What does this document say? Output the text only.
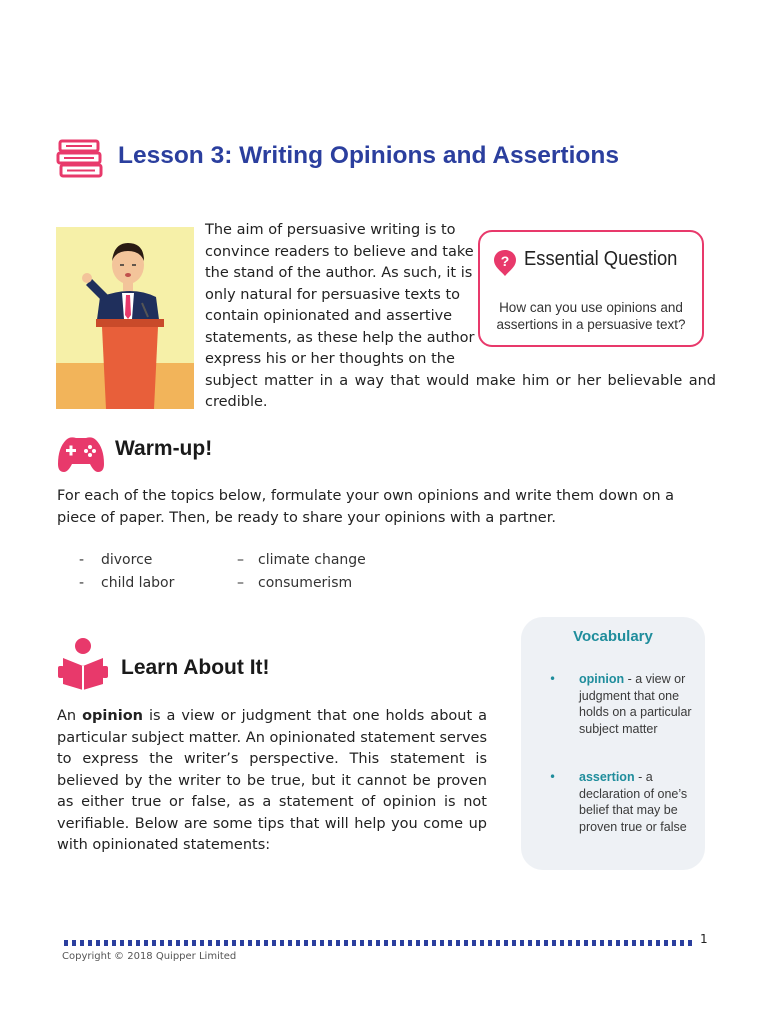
Lesson 3: Writing Opinions and Assertions
The aim of persuasive writing is to
convince readers to believe and take
the stand of the author. As such, it is
only natural for persuasive texts to
contain opinionated and assertive
statements, as these help the author
express his or her thoughts on the
subject matter in a way that would make him or her believable and
credible.
? Essential Question
How can you use opinions and assertions in a persuasive text?
Warm-up!
For each of the topics below, formulate your own opinions and write them down on a piece of paper. Then, be ready to share your opinions with a partner.
- divorce
- child labor
– climate change
– consumerism
Learn About It!
An opinion is a view or judgment that one holds about a particular subject matter. An opinionated statement serves to express the writer’s perspective. This statement is believed by the writer to be true, but it cannot be proven as either true or false, as a statement of opinion is not verifiable. Below are some tips that will help you come up with opinionated statements:
Vocabulary
• opinion - a view or judgment that one holds on a particular subject matter
• assertion - a declaration of one’s belief that may be proven true or false
1
Copyright © 2018 Quipper Limited
